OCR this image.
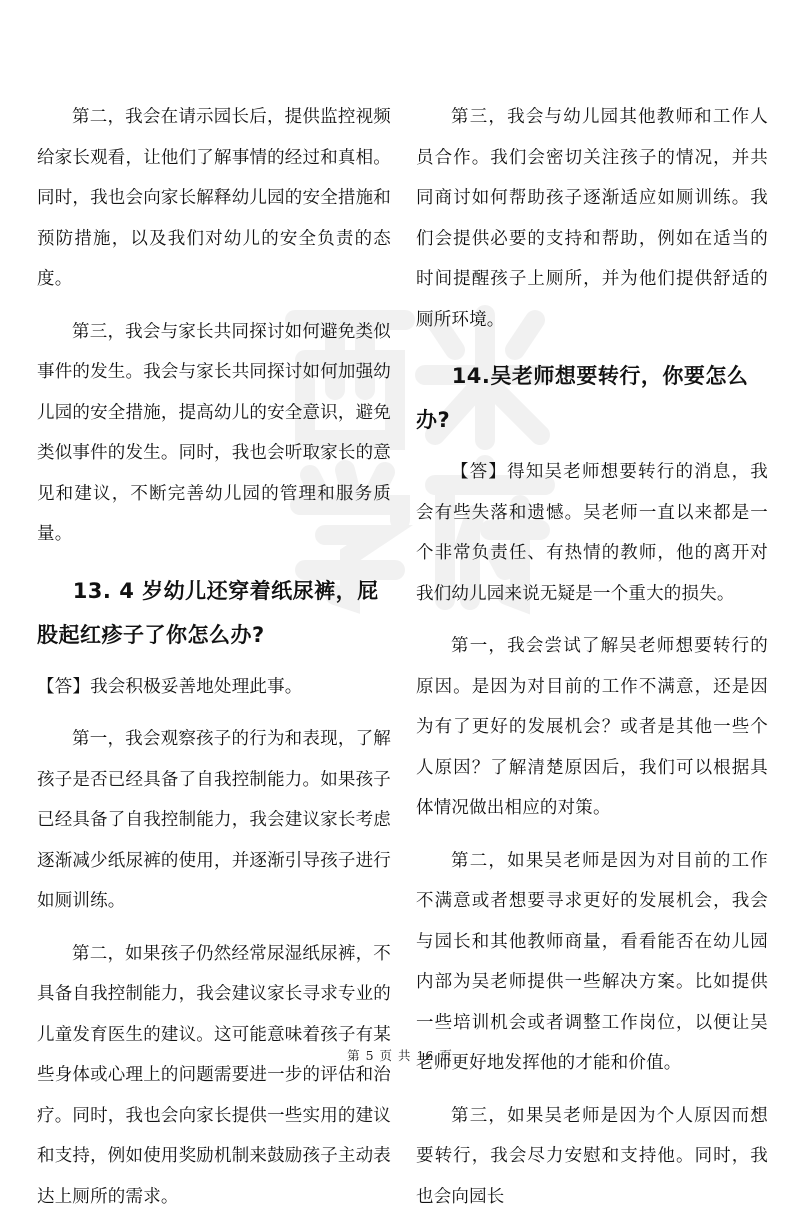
第二，我会在请示园长后，提供监控视频给家长观看，让他们了解事情的经过和真相。同时，我也会向家长解释幼儿园的安全措施和预防措施，以及我们对幼儿的安全负责的态度。

第三，我会与家长共同探讨如何避免类似事件的发生。我会与家长共同探讨如何加强幼儿园的安全措施，提高幼儿的安全意识，避免类似事件的发生。同时，我也会听取家长的意见和建议，不断完善幼儿园的管理和服务质量。

13. 4 岁幼儿还穿着纸尿裤，屁股起红疹子了你怎么办?

【答】我会积极妥善地处理此事。

第一，我会观察孩子的行为和表现，了解孩子是否已经具备了自我控制能力。如果孩子已经具备了自我控制能力，我会建议家长考虑逐渐减少纸尿裤的使用，并逐渐引导孩子进行如厕训练。

第二，如果孩子仍然经常尿湿纸尿裤，不具备自我控制能力，我会建议家长寻求专业的儿童发育医生的建议。这可能意味着孩子有某些身体或心理上的问题需要进一步的评估和治疗。同时，我也会向家长提供一些实用的建议和支持，例如使用奖励机制来鼓励孩子主动表达上厕所的需求。

第三，我会与幼儿园其他教师和工作人员合作。我们会密切关注孩子的情况，并共同商讨如何帮助孩子逐渐适应如厕训练。我们会提供必要的支持和帮助，例如在适当的时间提醒孩子上厕所，并为他们提供舒适的厕所环境。

14.吴老师想要转行，你要怎么办?

【答】得知吴老师想要转行的消息，我会有些失落和遗憾。吴老师一直以来都是一个非常负责任、有热情的教师，他的离开对我们幼儿园来说无疑是一个重大的损失。

第一，我会尝试了解吴老师想要转行的原因。是因为对目前的工作不满意，还是因为有了更好的发展机会？或者是其他一些个人原因？了解清楚原因后，我们可以根据具体情况做出相应的对策。

第二，如果吴老师是因为对目前的工作不满意或者想要寻求更好的发展机会，我会与园长和其他教师商量，看看能否在幼儿园内部为吴老师提供一些解决方案。比如提供一些培训机会或者调整工作岗位，以便让吴老师更好地发挥他的才能和价值。

第三，如果吴老师是因为个人原因而想要转行，我会尽力安慰和支持他。同时，我也会向园长

第 5 页 共 16 页
